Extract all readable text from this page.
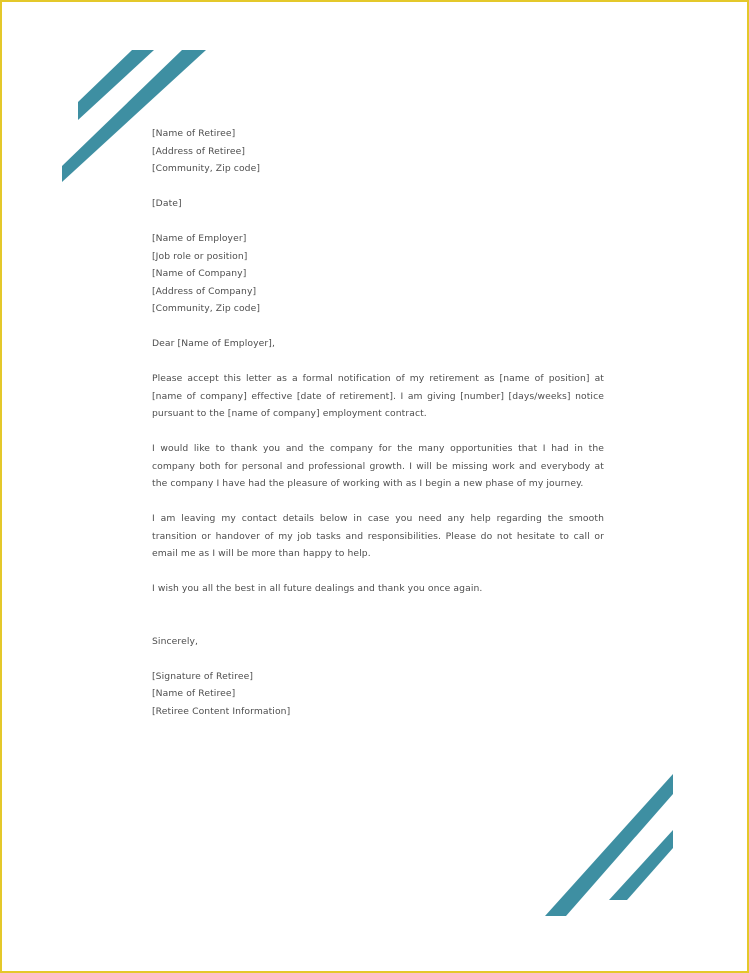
[Name of Retiree]
[Address of Retiree]
[Community, Zip code]
[Date]
[Name of Employer]
[Job role or position]
[Name of Company]
[Address of Company]
[Community, Zip code]
Dear [Name of Employer],
Please accept this letter as a formal notification of my retirement as [name of position] at [name of company] effective [date of retirement]. I am giving [number] [days/weeks] notice pursuant to the [name of company] employment contract.
I would like to thank you and the company for the many opportunities that I had in the company both for personal and professional growth. I will be missing work and everybody at the company I have had the pleasure of working with as I begin a new phase of my journey.
I am leaving my contact details below in case you need any help regarding the smooth transition or handover of my job tasks and responsibilities. Please do not hesitate to call or email me as I will be more than happy to help.
I wish you all the best in all future dealings and thank you once again.
Sincerely,
[Signature of Retiree]
[Name of Retiree]
[Retiree Content Information]
